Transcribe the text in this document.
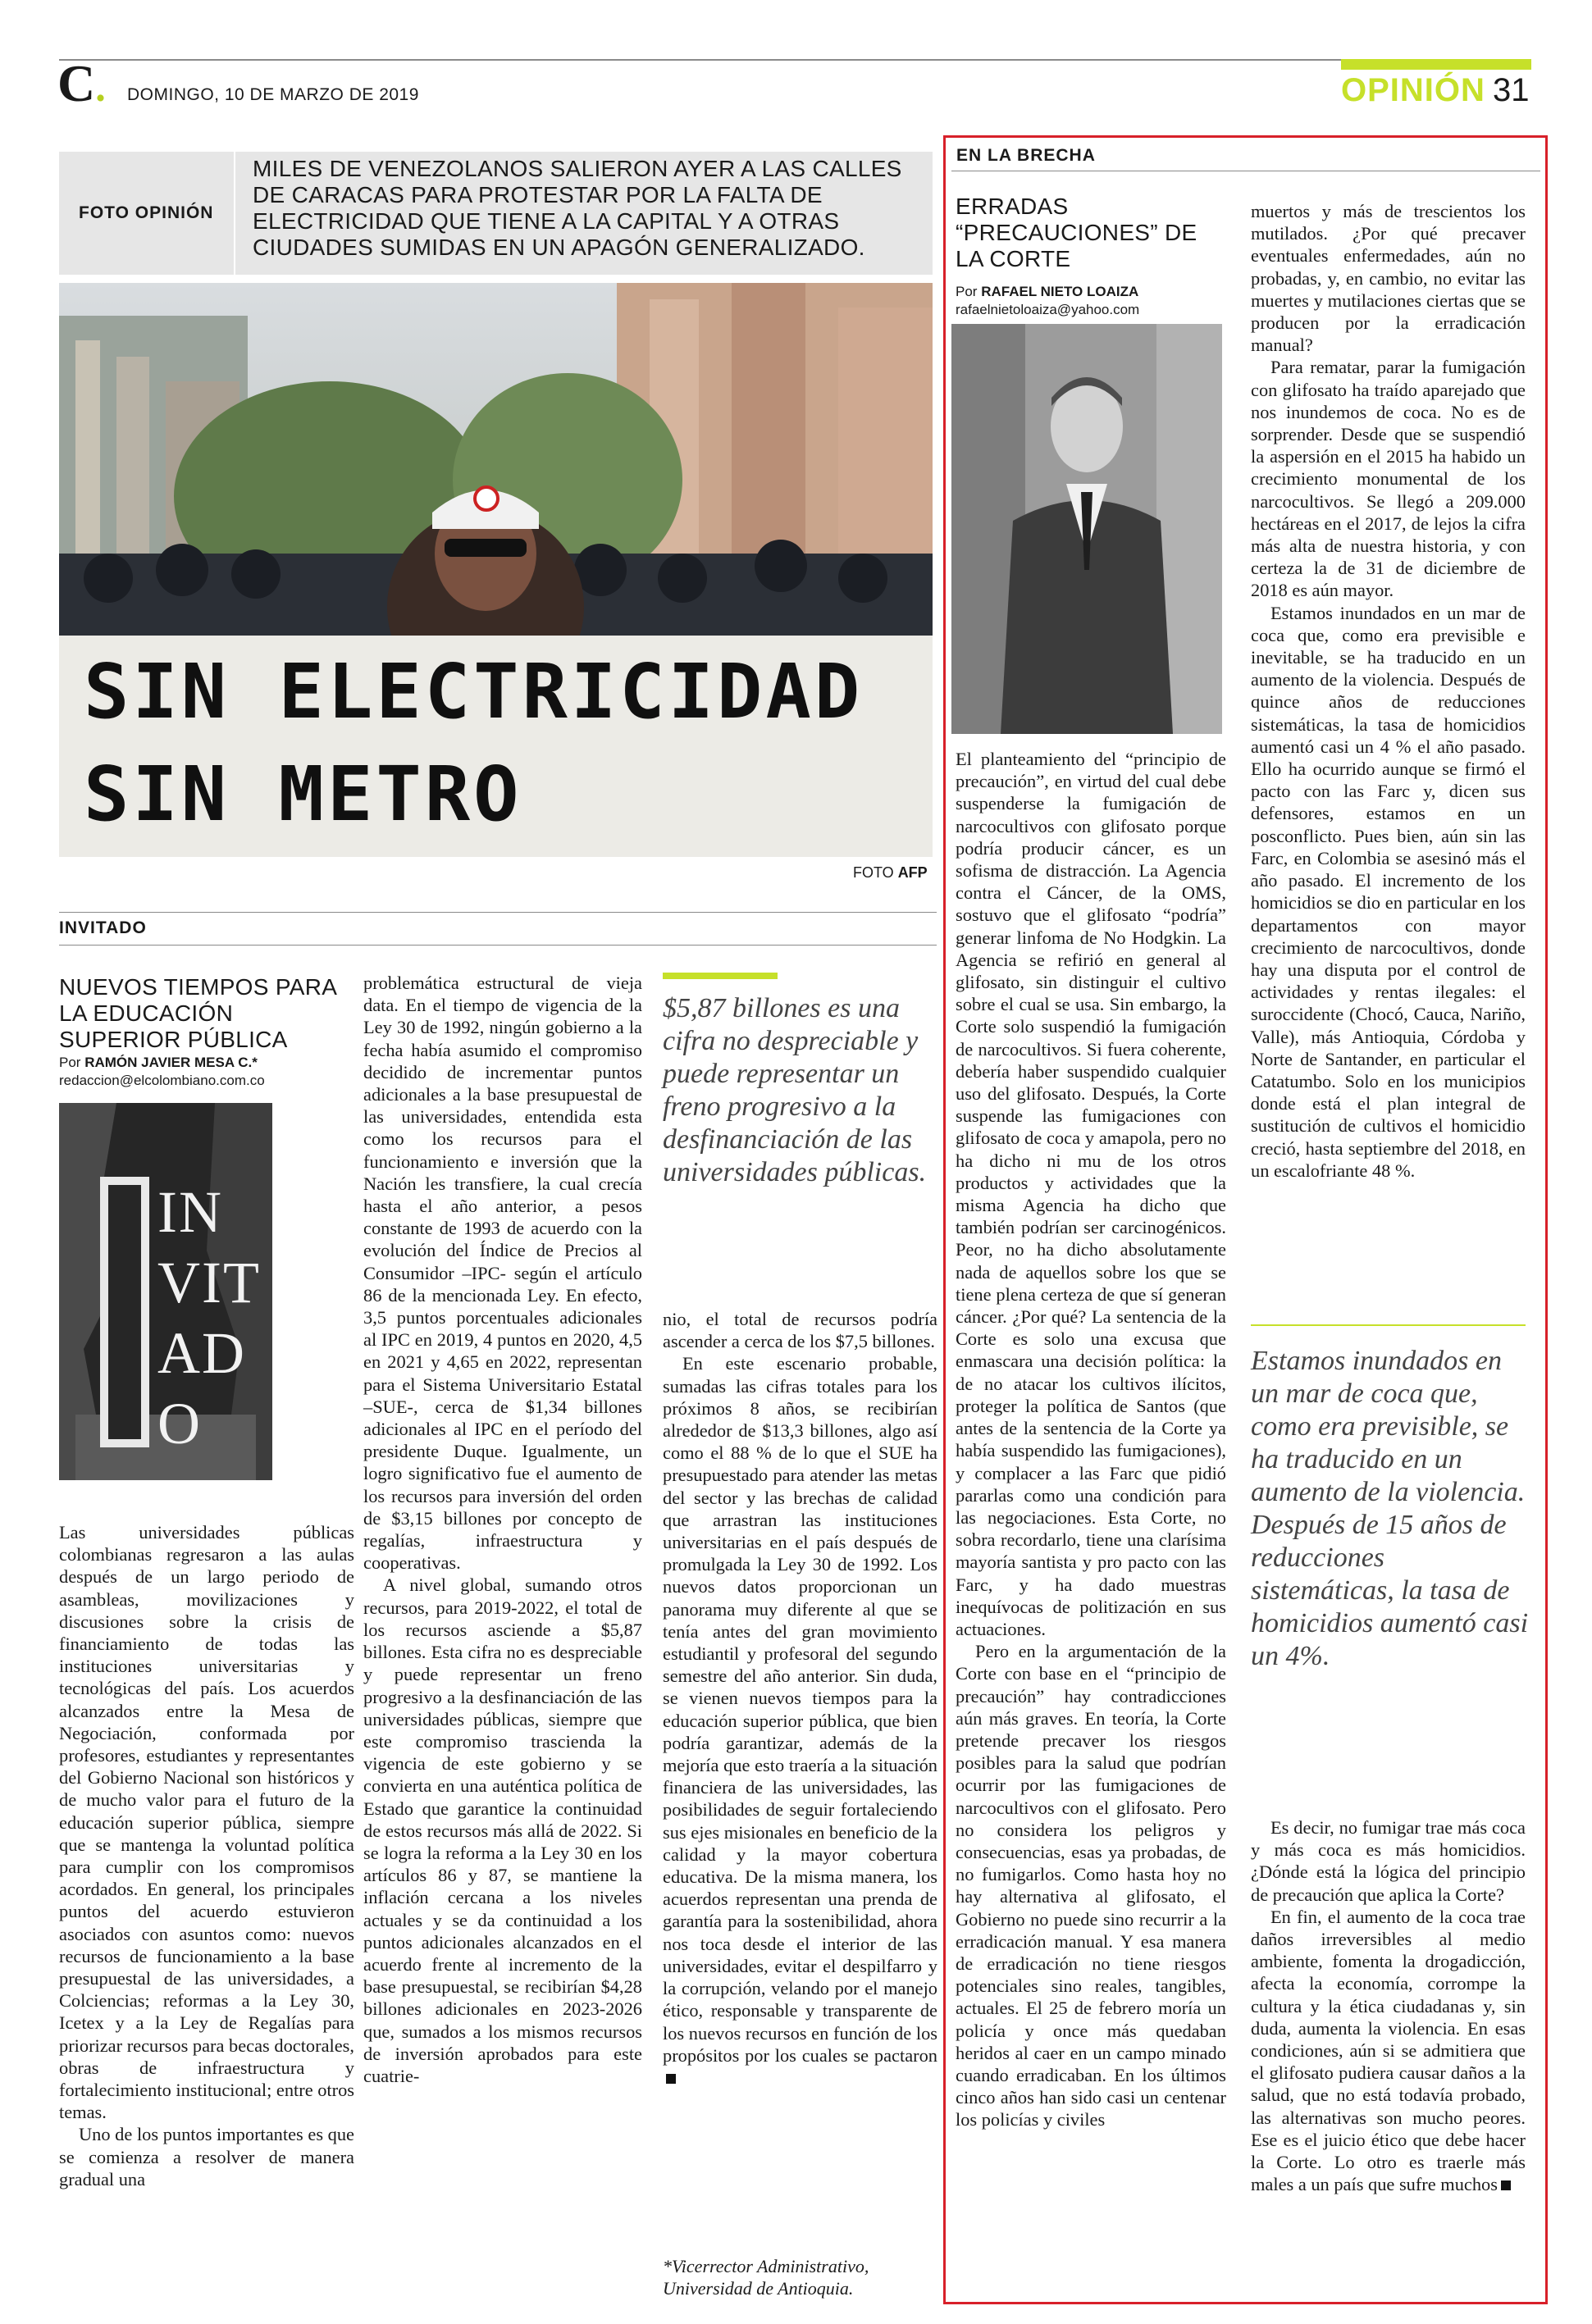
C. DOMINGO, 10 DE MARZO DE 2019	OPINIÓN 31
FOTO OPINIÓN
MILES DE VENEZOLANOS SALIERON AYER A LAS CALLES DE CARACAS PARA PROTESTAR POR LA FALTA DE ELECTRICIDAD QUE TIENE A LA CAPITAL Y A OTRAS CIUDADES SUMIDAS EN UN APAGÓN GENERALIZADO.
SIN ELECTRICIDAD
SIN METRO
FOTO AFP
INVITADO
NUEVOS TIEMPOS PARA LA EDUCACIÓN SUPERIOR PÚBLICA
Por RAMÓN JAVIER MESA C.*
redaccion@elcolombiano.com.co
INVITADO

Las universidades públicas colombianas regresaron a las aulas después de un largo periodo de asambleas, movilizaciones y discusiones sobre la crisis de financiamiento de todas las instituciones universitarias y tecnológicas del país. Los acuerdos alcanzados entre la Mesa de Negociación, conformada por profesores, estudiantes y representantes del Gobierno Nacional son históricos y de mucho valor para el futuro de la educación superior pública, siempre que se mantenga la voluntad política para cumplir con los compromisos acordados. En general, los principales puntos del acuerdo estuvieron asociados con asuntos como: nuevos recursos de funcionamiento a la base presupuestal de las universidades, a Colciencias; reformas a la Ley 30, Icetex y a la Ley de Regalías para priorizar recursos para becas doctorales, obras de infraestructura y fortalecimiento institucional; entre otros temas.

Uno de los puntos importantes es que se comienza a resolver de manera gradual una

problemática estructural de vieja data. En el tiempo de vigencia de la Ley 30 de 1992, ningún gobierno a la fecha había asumido el compromiso decidido de incrementar puntos adicionales a la base presupuestal de las universidades, entendida esta como los recursos para el funcionamiento e inversión que la Nación les transfiere, la cual crecía hasta el año anterior, a pesos constante de 1993 de acuerdo con la evolución del Índice de Precios al Consumidor –IPC- según el artículo 86 de la mencionada Ley. En efecto, 3,5 puntos porcentuales adicionales al IPC en 2019, 4 puntos en 2020, 4,5 en 2021 y 4,65 en 2022, representan para el Sistema Universitario Estatal –SUE-, cerca de $1,34 billones adicionales al IPC en el período del presidente Duque. Igualmente, un logro significativo fue el aumento de los recursos para inversión del orden de $3,15 billones por concepto de regalías, infraestructura y cooperativas.

A nivel global, sumando otros recursos, para 2019-2022, el total de los recursos asciende a $5,87 billones. Esta cifra no es despreciable y puede representar un freno progresivo a la desfinanciación de las universidades públicas, siempre que este compromiso trascienda la vigencia de este gobierno y se convierta en una auténtica política de Estado que garantice la continuidad de estos recursos más allá de 2022. Si se logra la reforma a la Ley 30 en los artículos 86 y 87, se mantiene la inflación cercana a los niveles actuales y se da continuidad a los puntos adicionales alcanzados en el acuerdo frente al incremento de la base presupuestal, se recibirían $4,28 billones adicionales en 2023-2026 que, sumados a los mismos recursos de inversión aprobados para este cuatrie-

$5,87 billones es una cifra no despreciable y puede representar un freno progresivo a la desfinanciación de las universidades públicas.

nio, el total de recursos podría ascender a cerca de los $7,5 billones.

En este escenario probable, sumadas las cifras totales para los próximos 8 años, se recibirían alrededor de $13,3 billones, algo así como el 88 % de lo que el SUE ha presupuestado para atender las metas del sector y las brechas de calidad que arrastran las instituciones universitarias en el país después de promulgada la Ley 30 de 1992. Los nuevos datos proporcionan un panorama muy diferente al que se tenía antes del gran movimiento estudiantil y profesoral del segundo semestre del año anterior. Sin duda, se vienen nuevos tiempos para la educación superior pública, que bien podría garantizar, además de la mejoría que esto traería a la situación financiera de las universidades, las posibilidades de seguir fortaleciendo sus ejes misionales en beneficio de la calidad y la mayor cobertura educativa. De la misma manera, los acuerdos representan una prenda de garantía para la sostenibilidad, ahora nos toca desde el interior de las universidades, evitar el despilfarro y la corrupción, velando por el manejo ético, responsable y transparente de los nuevos recursos en función de los propósitos por los cuales se pactaron

*Vicerrector Administrativo, Universidad de Antioquia.
EN LA BRECHA
ERRADAS “PRECAUCIONES” DE LA CORTE
Por RAFAEL NIETO LOAIZA
rafaelnietoloaiza@yahoo.com

El planteamiento del “principio de precaución”, en virtud del cual debe suspenderse la fumigación de narcocultivos con glifosato porque podría producir cáncer, es un sofisma de distracción. La Agencia contra el Cáncer, de la OMS, sostuvo que el glifosato “podría” generar linfoma de No Hodgkin. La Agencia se refirió en general al glifosato, sin distinguir el cultivo sobre el cual se usa. Sin embargo, la Corte solo suspendió la fumigación de narcocultivos. Si fuera coherente, debería haber suspendido cualquier uso del glifosato. Después, la Corte suspende las fumigaciones con glifosato de coca y amapola, pero no ha dicho ni mu de los otros productos y actividades que la misma Agencia ha dicho que también podrían ser carcinogénicos. Peor, no ha dicho absolutamente nada de aquellos sobre los que se tiene plena certeza de que sí generan cáncer. ¿Por qué? La sentencia de la Corte es solo una excusa que enmascara una decisión política: la de no atacar los cultivos ilícitos, proteger la política de Santos (que antes de la sentencia de la Corte ya había suspendido las fumigaciones), y complacer a las Farc que pidió pararlas como una condición para las negociaciones. Esta Corte, no sobra recordarlo, tiene una clarísima mayoría santista y pro pacto con las Farc, y ha dado muestras inequívocas de politización en sus actuaciones.

Pero en la argumentación de la Corte con base en el “principio de precaución” hay contradicciones aún más graves. En teoría, la Corte pretende precaver los riesgos posibles para la salud que podrían ocurrir por las fumigaciones de narcocultivos con el glifosato. Pero no considera los peligros y consecuencias, esas ya probadas, de no fumigarlos. Como hasta hoy no hay alternativa al glifosato, el Gobierno no puede sino recurrir a la erradicación manual. Y esa manera de erradicación no tiene riesgos potenciales sino reales, tangibles, actuales. El 25 de febrero moría un policía y once más quedaban heridos al caer en un campo minado cuando erradicaban. En los últimos cinco años han sido casi un centenar los policías y civiles

muertos y más de trescientos los mutilados. ¿Por qué precaver eventuales enfermedades, aún no probadas, y, en cambio, no evitar las muertes y mutilaciones ciertas que se producen por la erradicación manual?

Para rematar, parar la fumigación con glifosato ha traído aparejado que nos inundemos de coca. No es de sorprender. Desde que se suspendió la aspersión en el 2015 ha habido un crecimiento monumental de los narcocultivos. Se llegó a 209.000 hectáreas en el 2017, de lejos la cifra más alta de nuestra historia, y con certeza la de 31 de diciembre de 2018 es aún mayor.

Estamos inundados en un mar de coca que, como era previsible e inevitable, se ha traducido en un aumento de la violencia. Después de quince años de reducciones sistemáticas, la tasa de homicidios aumentó casi un 4 % el año pasado. Ello ha ocurrido aunque se firmó el pacto con las Farc y, dicen sus defensores, estamos en un posconflicto. Pues bien, aún sin las Farc, en Colombia se asesinó más el año pasado. El incremento de los homicidios se dio en particular en los departamentos con mayor crecimiento de narcocultivos, donde hay una disputa por el control de actividades y rentas ilegales: el suroccidente (Chocó, Cauca, Nariño, Valle), más Antioquia, Córdoba y Norte de Santander, en particular el Catatumbo. Solo en los municipios donde está el plan integral de sustitución de cultivos el homicidio creció, hasta septiembre del 2018, en un escalofriante 48 %.

Estamos inundados en un mar de coca que, como era previsible, se ha traducido en un aumento de la violencia. Después de 15 años de reducciones sistemáticas, la tasa de homicidios aumentó casi un 4%.

Es decir, no fumigar trae más coca y más coca es más homicidios. ¿Dónde está la lógica del principio de precaución que aplica la Corte?

En fin, el aumento de la coca trae daños irreversibles al medio ambiente, fomenta la drogadicción, afecta la economía, corrompe la cultura y la ética ciudadanas y, sin duda, aumenta la violencia. En esas condiciones, aún si se admitiera que el glifosato pudiera causar daños a la salud, que no está todavía probado, las alternativas son mucho peores. Ese es el juicio ético que debe hacer la Corte. Lo otro es traerle más males a un país que sufre muchos
